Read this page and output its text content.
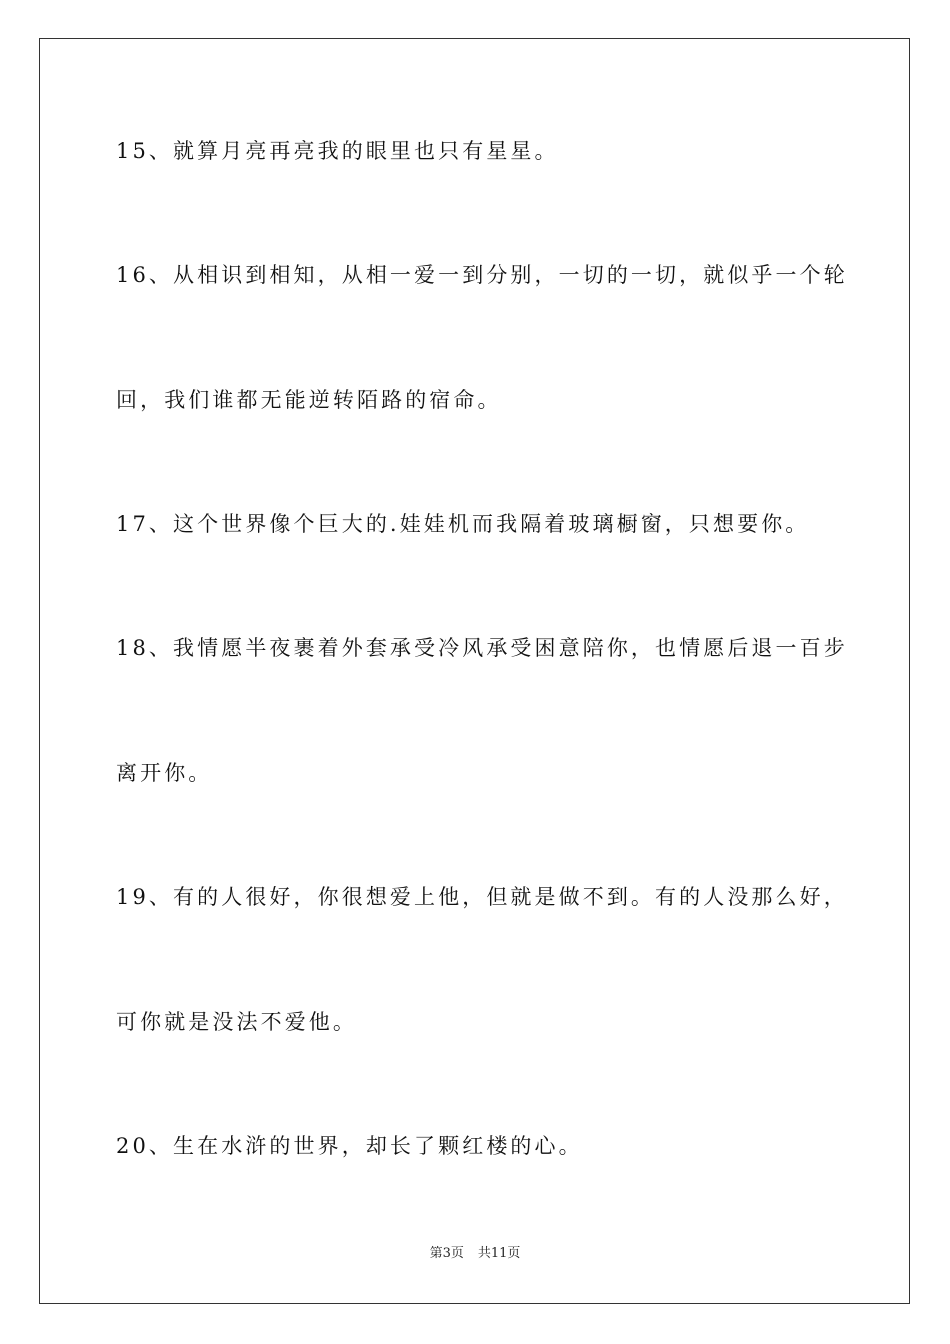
15、就算月亮再亮我的眼里也只有星星。
16、从相识到相知，从相一爱一到分别，一切的一切，就似乎一个轮
回，我们谁都无能逆转陌路的宿命。
17、这个世界像个巨大的.娃娃机而我隔着玻璃橱窗，只想要你。
18、我情愿半夜裹着外套承受冷风承受困意陪你，也情愿后退一百步
离开你。
19、有的人很好，你很想爱上他，但就是做不到。有的人没那么好，
可你就是没法不爱他。
20、生在水浒的世界，却长了颗红楼的心。
第3页 共11页
